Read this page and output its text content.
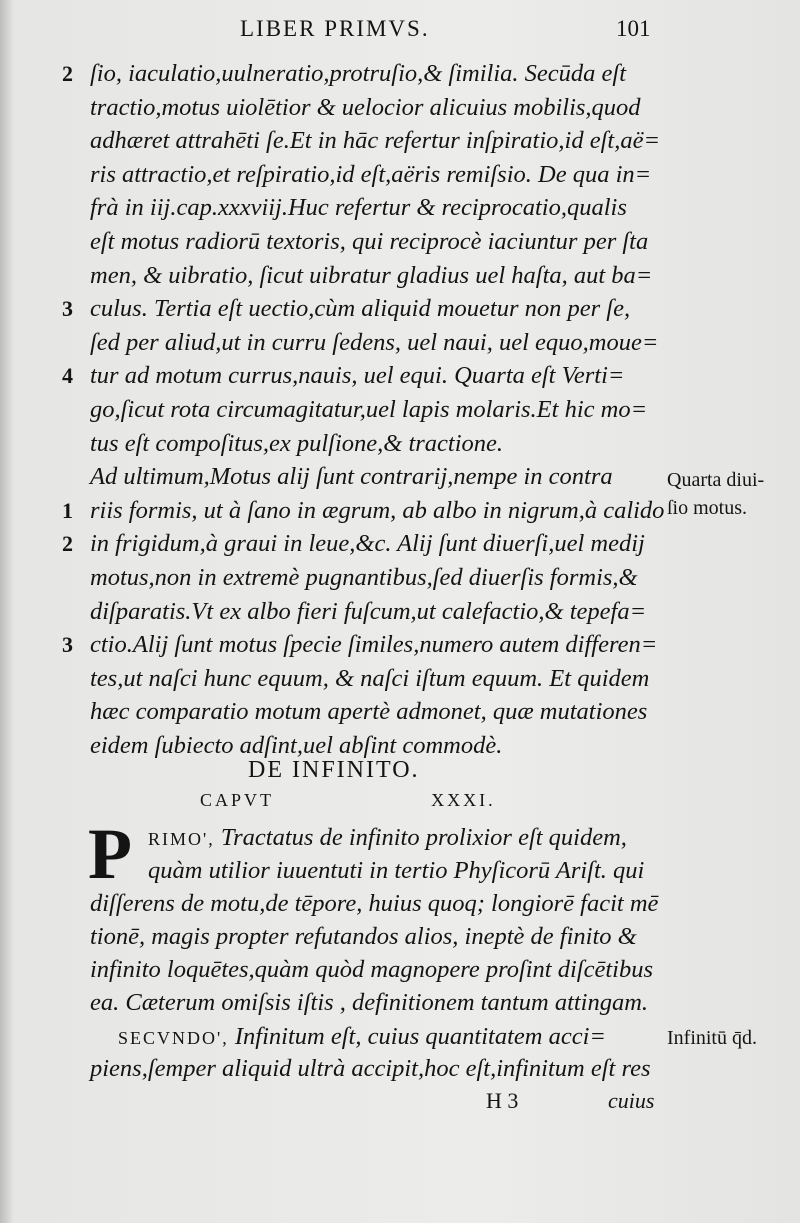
LIBER PRIMVS.	101
ſio, iaculatio,uulneratio,protruſio,& ſimilia. Secūda eſt
2
tractio,motus uiolētior & uelocior alicuius mobilis,quod
adhæret attrahēti ſe.Et in hāc refertur inſpiratio,id eſt,aë=
ris attractio,et reſpiratio,id eſt,aëris remiſsio. De qua in=
frà in iij.cap.xxxviij.Huc refertur & reciprocatio,qualis
eſt motus radiorū textoris, qui reciprocè iaciuntur per ſta
men, & uibratio, ſicut uibratur gladius uel haſta, aut ba=
culus. Tertia eſt uectio,cùm aliquid mouetur non per ſe,
3
ſed per aliud,ut in curru ſedens, uel naui, uel equo,moue=
tur ad motum currus,nauis, uel equi. Quarta eſt Verti=
4
go,ſicut rota circumagitatur,uel lapis molaris.Et hic mo=
tus eſt compoſitus,ex pulſione,& tractione.
Ad ultimum,Motus alij ſunt contrarij,nempe in contra
riis formis, ut à ſano in ægrum, ab albo in nigrum,à calido
1
in frigidum,à graui in leue,&c. Alij ſunt diuerſi,uel medij
2
motus,non in extremè pugnantibus,ſed diuerſis formis,&
diſparatis.Vt ex albo fieri fuſcum,ut calefactio,& tepefa=
ctio.Alij ſunt motus ſpecie ſimiles,numero autem differen=
3
tes,ut naſci hunc equum, & naſci iſtum equum. Et quidem
hæc comparatio motum apertè admonet, quæ mutationes
eidem ſubiecto adſint,uel abſint commodè.
Quarta diui-
ſio motus.
DE INFINITO.
CAPVT XXXI.
P RIMO', Tractatus de infinito prolixior eſt quidem,
quàm utilior iuuentuti in tertio Phyſicorū Ariſt. qui
diſſerens de motu,de tēpore, huius quoq; longiorē facit mē
tionē, magis propter refutandos alios, ineptè de finito &
infinito loquētes,quàm quòd magnopere proſint diſcētibus
ea. Cæterum omiſsis iſtis , definitionem tantum attingam.
SECVNDO', Infinitum eſt, cuius quantitatem acci=
piens,ſemper aliquid ultrà accipit,hoc eſt,infinitum eſt res
Infinitū q̄d.
H 3	cuius
